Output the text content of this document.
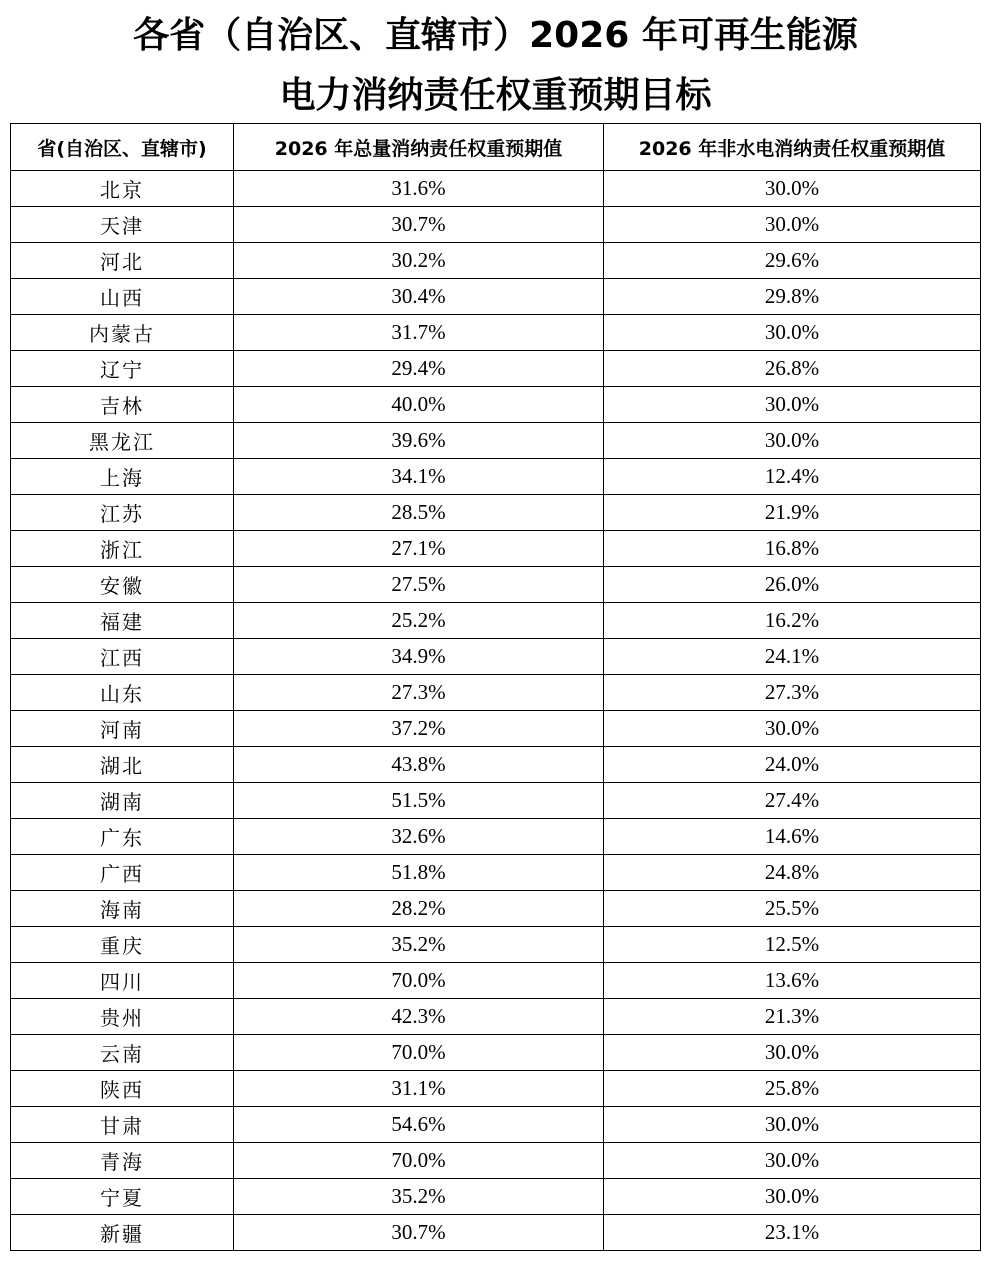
各省（自治区、直辖市）2026 年可再生能源
电力消纳责任权重预期目标
省(自治区、直辖市)	2026 年总量消纳责任权重预期值	2026 年非水电消纳责任权重预期值
北京	31.6%	30.0%
天津	30.7%	30.0%
河北	30.2%	29.6%
山西	30.4%	29.8%
内蒙古	31.7%	30.0%
辽宁	29.4%	26.8%
吉林	40.0%	30.0%
黑龙江	39.6%	30.0%
上海	34.1%	12.4%
江苏	28.5%	21.9%
浙江	27.1%	16.8%
安徽	27.5%	26.0%
福建	25.2%	16.2%
江西	34.9%	24.1%
山东	27.3%	27.3%
河南	37.2%	30.0%
湖北	43.8%	24.0%
湖南	51.5%	27.4%
广东	32.6%	14.6%
广西	51.8%	24.8%
海南	28.2%	25.5%
重庆	35.2%	12.5%
四川	70.0%	13.6%
贵州	42.3%	21.3%
云南	70.0%	30.0%
陕西	31.1%	25.8%
甘肃	54.6%	30.0%
青海	70.0%	30.0%
宁夏	35.2%	30.0%
新疆	30.7%	23.1%
